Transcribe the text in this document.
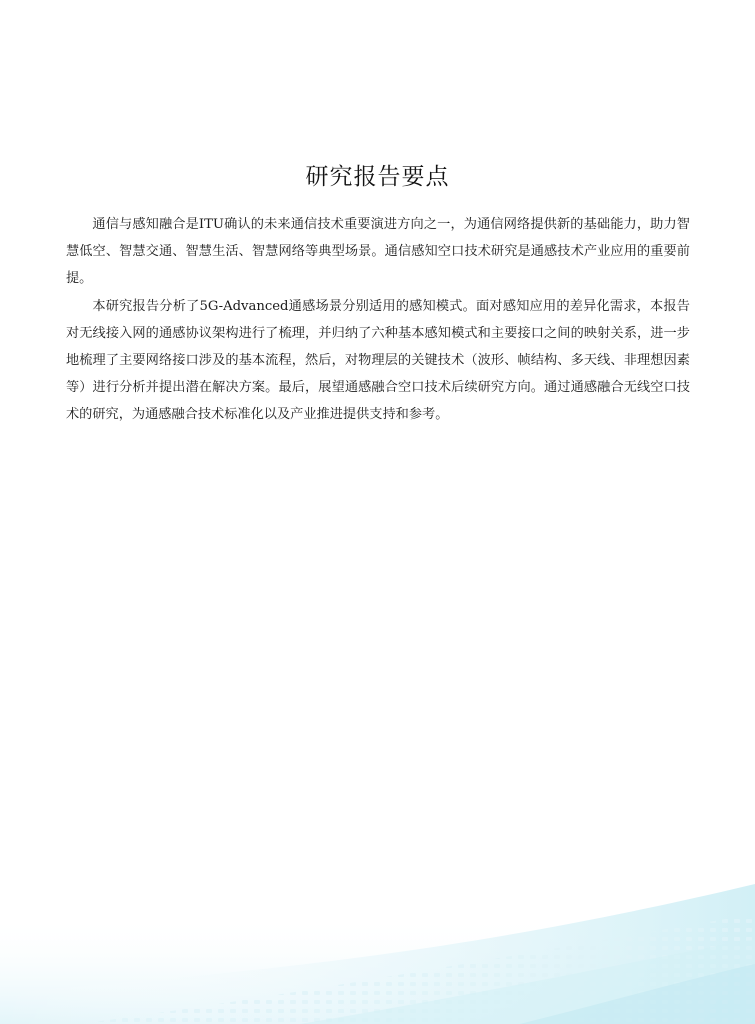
研究报告要点

通信与感知融合是ITU确认的未来通信技术重要演进方向之一，为通信网络提供新的基础能力，助力智慧低空、智慧交通、智慧生活、智慧网络等典型场景。通信感知空口技术研究是通感技术产业应用的重要前提。

本研究报告分析了5G-Advanced通感场景分别适用的感知模式。面对感知应用的差异化需求，本报告对无线接入网的通感协议架构进行了梳理，并归纳了六种基本感知模式和主要接口之间的映射关系，进一步地梳理了主要网络接口涉及的基本流程，然后，对物理层的关键技术（波形、帧结构、多天线、非理想因素等）进行分析并提出潜在解决方案。最后，展望通感融合空口技术后续研究方向。通过通感融合无线空口技术的研究，为通感融合技术标准化以及产业推进提供支持和参考。
